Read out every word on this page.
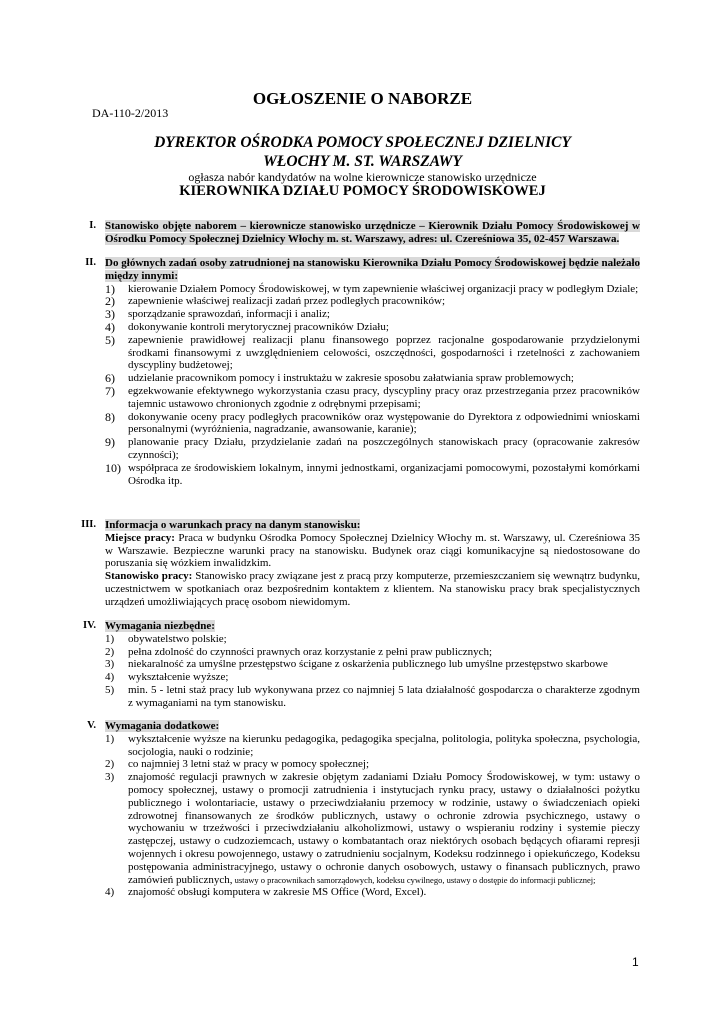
OGŁOSZENIE O NABORZE
DA-110-2/2013
DYREKTOR OŚRODKA POMOCY SPOŁECZNEJ DZIELNICY
WŁOCHY M. ST. WARSZAWY
ogłasza nabór kandydatów na wolne kierownicze stanowisko urzędnicze
KIEROWNIKA DZIAŁU POMOCY ŚRODOWISKOWEJ
I. Stanowisko objęte naborem – kierownicze stanowisko urzędnicze – Kierownik Działu Pomocy Środowiskowej w Ośrodku Pomocy Społecznej Dzielnicy Włochy m. st. Warszawy, adres: ul. Czereśniowa 35, 02-457 Warszawa.
II. Do głównych zadań osoby zatrudnionej na stanowisku Kierownika Działu Pomocy Środowiskowej będzie należało między innymi:

1)	kierowanie Działem Pomocy Środowiskowej, w tym zapewnienie właściwej organizacji pracy w podległym Dziale;
2)	zapewnienie właściwej realizacji zadań przez podległych pracowników;
3)	sporządzanie sprawozdań, informacji i analiz;
4)	dokonywanie kontroli merytorycznej pracowników Działu;
5)	zapewnienie prawidłowej realizacji planu finansowego poprzez racjonalne gospodarowanie przydzielonymi środkami finansowymi z uwzględnieniem celowości, oszczędności, gospodarności i rzetelności z zachowaniem dyscypliny budżetowej;
6)	udzielanie pracownikom pomocy i instruktażu w zakresie sposobu załatwiania spraw problemowych;
7)	egzekwowanie efektywnego wykorzystania czasu pracy, dyscypliny pracy oraz przestrzegania przez pracowników tajemnic ustawowo chronionych zgodnie z odrębnymi przepisami;
8)	dokonywanie oceny pracy podległych pracowników oraz występowanie do Dyrektora z odpowiednimi wnioskami personalnymi (wyróżnienia, nagradzanie, awansowanie, karanie);
9)	planowanie pracy Działu, przydzielanie zadań na poszczególnych stanowiskach pracy (opracowanie zakresów czynności);
10) współpraca ze środowiskiem lokalnym, innymi jednostkami, organizacjami pomocowymi, pozostałymi komórkami Ośrodka itp.
III. Informacja o warunkach pracy na danym stanowisku:

Miejsce pracy: Praca w budynku Ośrodka Pomocy Społecznej Dzielnicy Włochy m. st. Warszawy, ul. Czereśniowa 35 w Warszawie. Bezpieczne warunki pracy na stanowisku. Budynek oraz ciągi komunikacyjne są niedostosowane do poruszania się wózkiem inwalidzkim.

Stanowisko pracy: Stanowisko pracy związane jest z pracą przy komputerze, przemieszczaniem się wewnątrz budynku, uczestnictwem w spotkaniach oraz bezpośrednim kontaktem z klientem. Na stanowisku pracy brak specjalistycznych urządzeń umożliwiających pracę osobom niewidomym.

IV. Wymagania niezbędne:

1)	obywatelstwo polskie;
2)	pełna zdolność do czynności prawnych oraz korzystanie z pełni praw publicznych;
3)	niekaralność za umyślne przestępstwo ścigane z oskarżenia publicznego lub umyślne przestępstwo skarbowe
4)	wykształcenie wyższe;
5)	min. 5 - letni staż pracy lub wykonywana przez co najmniej 5 lata działalność gospodarcza o charakterze zgodnym z wymaganiami na tym stanowisku.
V. Wymagania dodatkowe:

1)	wykształcenie wyższe na kierunku pedagogika, pedagogika specjalna, politologia, polityka społeczna, psychologia, socjologia, nauki o rodzinie;
2)	co najmniej 3 letni staż w pracy w pomocy społecznej;
3)	znajomość regulacji prawnych w zakresie objętym zadaniami Działu Pomocy Środowiskowej, w tym: ustawy o pomocy społecznej, ustawy o promocji zatrudnienia i instytucjach rynku pracy, ustawy o działalności pożytku publicznego i wolontariacie, ustawy o przeciwdziałaniu przemocy w rodzinie, ustawy o świadczeniach opieki zdrowotnej finansowanych ze środków publicznych, ustawy o ochronie zdrowia psychicznego, ustawy o wychowaniu w trzeźwości i przeciwdziałaniu alkoholizmowi, ustawy o wspieraniu rodziny i systemie pieczy zastępczej, ustawy o cudzoziemcach, ustawy o kombatantach oraz niektórych osobach będących ofiarami represji wojennych i okresu powojennego, ustawy o zatrudnieniu socjalnym, Kodeksu rodzinnego i opiekuńczego, Kodeksu postępowania administracyjnego, ustawy o ochronie danych osobowych, ustawy o finansach publicznych, prawo zamówień publicznych, ustawy o pracownikach samorządowych, kodeksu cywilnego, ustawy o dostępie do informacji publicznej;
4)	znajomość obsługi komputera w zakresie MS Office (Word, Excel).
1
